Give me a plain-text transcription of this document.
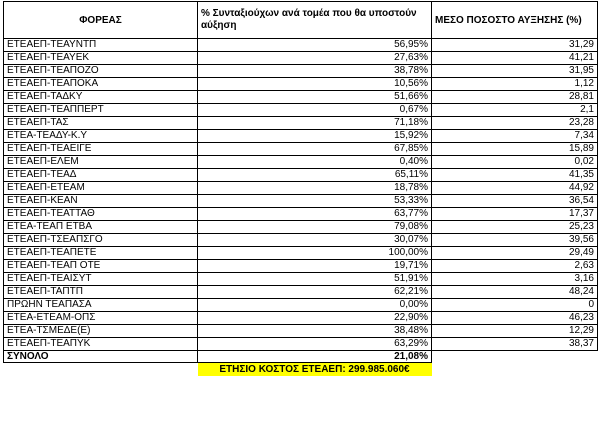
ΦΟΡΕΑΣ	% Συνταξιούχων ανά τομέα που θα υποστούν αύξηση	ΜΕΣΟ ΠΟΣΟΣΤΟ ΑΥΞΗΣΗΣ (%)
ΕΤΕΑΕΠ-ΤΕΑΥΝΤΠ	56,95%	31,29
ΕΤΕΑΕΠ-ΤΕΑΥΕΚ	27,63%	41,21
ΕΤΕΑΕΠ-ΤΕΑΠΟΖΟ	38,78%	31,95
ΕΤΕΑΕΠ-ΤΕΑΠΟΚΑ	10,56%	1,12
ΕΤΕΑΕΠ-ΤΑΔΚΥ	51,66%	28,81
ΕΤΕΑΕΠ-ΤΕΑΠΠΕΡΤ	0,67%	2,1
ΕΤΕΑΕΠ-ΤΑΣ	71,18%	23,28
ΕΤΕΑ-ΤΕΑΔΥ-Κ.Υ	15,92%	7,34
ΕΤΕΑΕΠ-ΤΕΑΕΙΓΕ	67,85%	15,89
ΕΤΕΑΕΠ-ΕΛΕΜ	0,40%	0,02
ΕΤΕΑΕΠ-ΤΕΑΔ	65,11%	41,35
ΕΤΕΑΕΠ-ΕΤΕΑΜ	18,78%	44,92
ΕΤΕΑΕΠ-ΚΕΑΝ	53,33%	36,54
ΕΤΕΑΕΠ-ΤΕΑΤΤΑΘ	63,77%	17,37
ΕΤΕΑ-ΤΕΑΠ ΕΤΒΑ	79,08%	25,23
ΕΤΕΑΕΠ-ΤΣΕΑΠΣΓΟ	30,07%	39,56
ΕΤΕΑΕΠ-ΤΕΑΠΕΤΕ	100,00%	29,49
ΕΤΕΑΕΠ-ΤΕΑΠ ΟΤΕ	19,71%	2,63
ΕΤΕΑΕΠ-ΤΕΑΙΣΥΤ	51,91%	3,16
ΕΤΕΑΕΠ-ΤΑΠΤΠ	62,21%	48,24
ΠΡΩΗΝ ΤΕΑΠΑΣΑ	0,00%	0
ΕΤΕΑ-ΕΤΕΑΜ-ΟΠΣ	22,90%	46,23
ΕΤΕΑ-ΤΣΜΕΔΕ(Ε)	38,48%	12,29
ΕΤΕΑΕΠ-ΤΕΑΠΥΚ	63,29%	38,37
ΣΥΝΟΛΟ	21,08%	

	ΕΤΗΣΙΟ ΚΟΣΤΟΣ ΕΤΕΑΕΠ: 299.985.060€	
